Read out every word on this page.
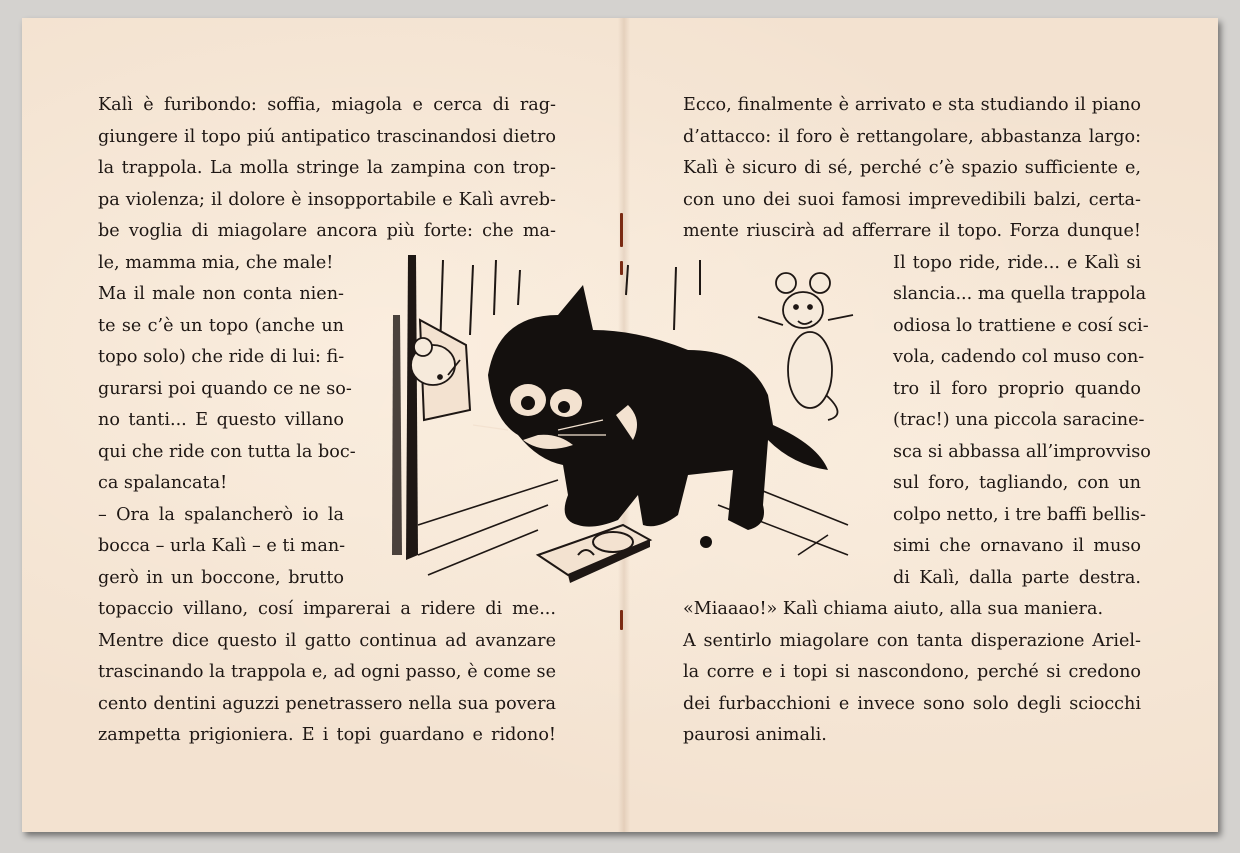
Kalì è furibondo: soffia, miagola e cerca di rag-
giungere il topo piú antipatico trascinandosi dietro
la trappola. La molla stringe la zampina con trop-
pa violenza; il dolore è insopportabile e Kalì avreb-
be voglia di miagolare ancora più forte: che ma-
le, mamma mia, che male!
Ma il male non conta nien-
te se c’è un topo (anche un
topo solo) che ride di lui: fi-
gurarsi poi quando ce ne so-
no tanti... E questo villano
qui che ride con tutta la boc-
ca spalancata!
– Ora la spalancherò io la
bocca – urla Kalì – e ti man-
gerò in un boccone, brutto
topaccio villano, cosí imparerai a ridere di me...
Mentre dice questo il gatto continua ad avanzare
trascinando la trappola e, ad ogni passo, è come se
cento dentini aguzzi penetrassero nella sua povera
zampetta prigioniera. E i topi guardano e ridono!
Ecco, finalmente è arrivato e sta studiando il piano
d’attacco: il foro è rettangolare, abbastanza largo:
Kalì è sicuro di sé, perché c’è spazio sufficiente e,
con uno dei suoi famosi imprevedibili balzi, certa-
mente riuscirà ad afferrare il topo. Forza dunque!
Il topo ride, ride... e Kalì si
slancia... ma quella trappola
odiosa lo trattiene e cosí sci-
vola, cadendo col muso con-
tro il foro proprio quando
(trac!) una piccola saracine-
sca si abbassa all’improvviso
sul foro, tagliando, con un
colpo netto, i tre baffi bellis-
simi che ornavano il muso
di Kalì, dalla parte destra.
«Miaaao!» Kalì chiama aiuto, alla sua maniera.
A sentirlo miagolare con tanta disperazione Ariel-
la corre e i topi si nascondono, perché si credono
dei furbacchioni e invece sono solo degli sciocchi
paurosi animali.
